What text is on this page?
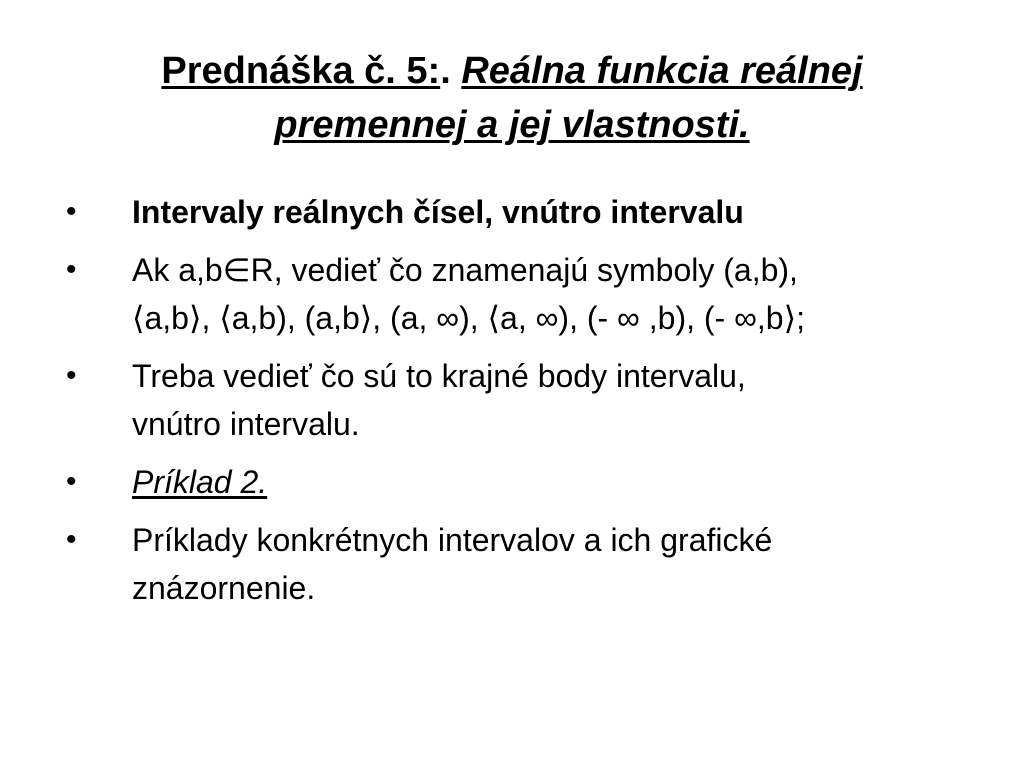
Prednáška č. 5:. Reálna funkcia reálnej
premennej a jej vlastnosti.
• Intervaly reálnych čísel, vnútro intervalu
• Ak a,b∈R, vedieť čo znamenajú symboly (a,b),
⟨a,b⟩, ⟨a,b), (a,b⟩, (a, ∞), ⟨a, ∞), (- ∞ ,b), (- ∞,b⟩;
• Treba vedieť čo sú to krajné body intervalu,
vnútro intervalu.
• Príklad 2.
• Príklady konkrétnych intervalov a ich grafické
znázornenie.
